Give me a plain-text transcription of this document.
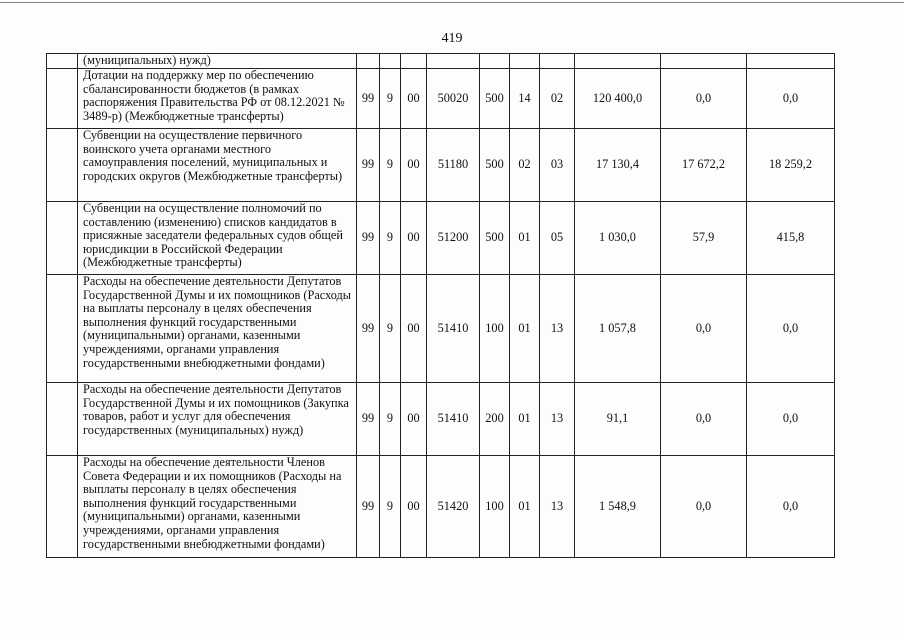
419
	(муниципальных) нужд)										
	Дотации на поддержку мер по обеспечению сбалансированности бюджетов (в рамках распоряжения Правительства РФ от 08.12.2021 № 3489-р) (Межбюджетные трансферты)	99	9	00	50020	500	14	02	120 400,0	0,0	0,0
	Субвенции на осуществление первичного воинского учета органами местного самоуправления поселений, муниципальных и городских округов (Межбюджетные трансферты)	99	9	00	51180	500	02	03	17 130,4	17 672,2	18 259,2
	Субвенции на осуществление полномочий по составлению (изменению) списков кандидатов в присяжные заседатели федеральных судов общей юрисдикции в Российской Федерации (Межбюджетные трансферты)	99	9	00	51200	500	01	05	1 030,0	57,9	415,8
	Расходы на обеспечение деятельности Депутатов Государственной Думы и их помощников (Расходы на выплаты персоналу в целях обеспечения выполнения функций государственными (муниципальными) органами, казенными учреждениями, органами управления государственными внебюджетными фондами)	99	9	00	51410	100	01	13	1 057,8	0,0	0,0
	Расходы на обеспечение деятельности Депутатов Государственной Думы и их помощников (Закупка товаров, работ и услуг для обеспечения государственных (муниципальных) нужд)	99	9	00	51410	200	01	13	91,1	0,0	0,0
	Расходы на обеспечение деятельности Членов Совета Федерации и их помощников (Расходы на выплаты персоналу в целях обеспечения выполнения функций государственными (муниципальными) органами, казенными учреждениями, органами управления государственными внебюджетными фондами)	99	9	00	51420	100	01	13	1 548,9	0,0	0,0
